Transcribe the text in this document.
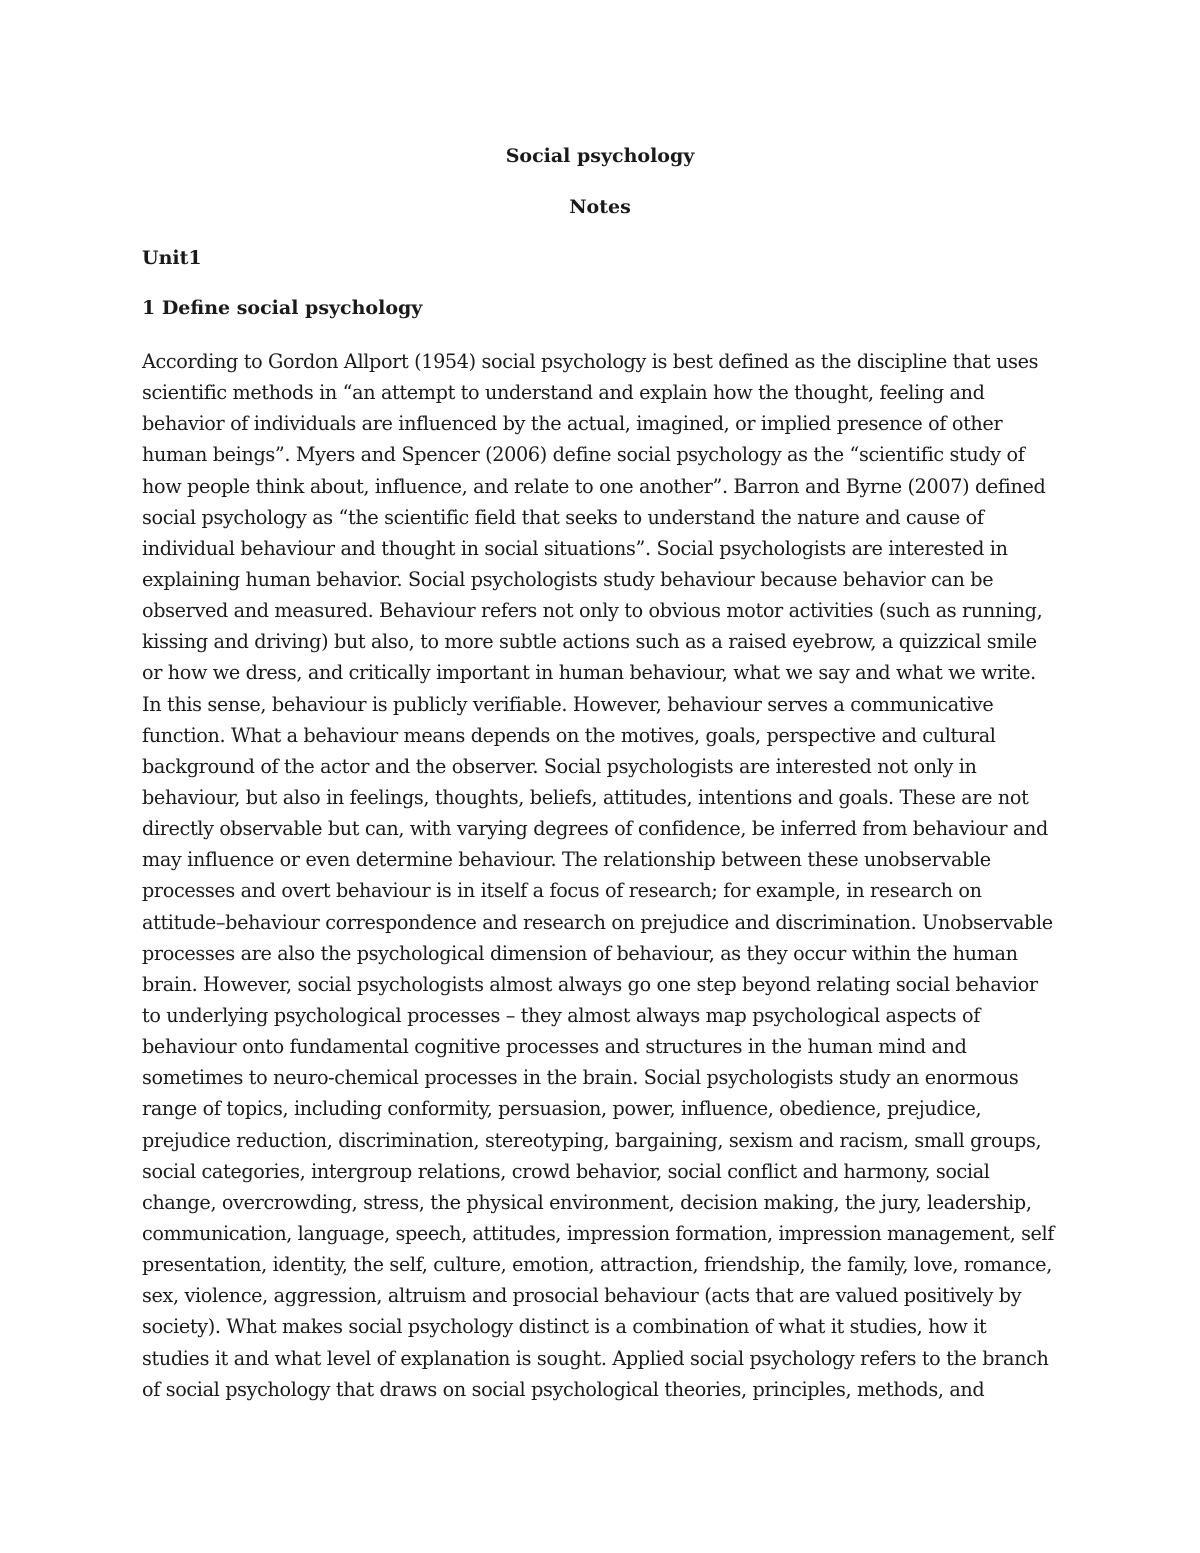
Social psychology
Notes
Unit1
1 Define social psychology
According to Gordon Allport (1954) social psychology is best defined as the discipline that uses
scientific methods in “an attempt to understand and explain how the thought, feeling and
behavior of individuals are influenced by the actual, imagined, or implied presence of other
human beings”. Myers and Spencer (2006) define social psychology as the “scientific study of
how people think about, influence, and relate to one another”. Barron and Byrne (2007) defined
social psychology as “the scientific field that seeks to understand the nature and cause of
individual behaviour and thought in social situations”. Social psychologists are interested in
explaining human behavior. Social psychologists study behaviour because behavior can be
observed and measured. Behaviour refers not only to obvious motor activities (such as running,
kissing and driving) but also, to more subtle actions such as a raised eyebrow, a quizzical smile
or how we dress, and critically important in human behaviour, what we say and what we write.
In this sense, behaviour is publicly verifiable. However, behaviour serves a communicative
function. What a behaviour means depends on the motives, goals, perspective and cultural
background of the actor and the observer. Social psychologists are interested not only in
behaviour, but also in feelings, thoughts, beliefs, attitudes, intentions and goals. These are not
directly observable but can, with varying degrees of confidence, be inferred from behaviour and
may influence or even determine behaviour. The relationship between these unobservable
processes and overt behaviour is in itself a focus of research; for example, in research on
attitude–behaviour correspondence and research on prejudice and discrimination. Unobservable
processes are also the psychological dimension of behaviour, as they occur within the human
brain. However, social psychologists almost always go one step beyond relating social behavior
to underlying psychological processes – they almost always map psychological aspects of
behaviour onto fundamental cognitive processes and structures in the human mind and
sometimes to neuro-chemical processes in the brain. Social psychologists study an enormous
range of topics, including conformity, persuasion, power, influence, obedience, prejudice,
prejudice reduction, discrimination, stereotyping, bargaining, sexism and racism, small groups,
social categories, intergroup relations, crowd behavior, social conflict and harmony, social
change, overcrowding, stress, the physical environment, decision making, the jury, leadership,
communication, language, speech, attitudes, impression formation, impression management, self
presentation, identity, the self, culture, emotion, attraction, friendship, the family, love, romance,
sex, violence, aggression, altruism and prosocial behaviour (acts that are valued positively by
society). What makes social psychology distinct is a combination of what it studies, how it
studies it and what level of explanation is sought. Applied social psychology refers to the branch
of social psychology that draws on social psychological theories, principles, methods, and
